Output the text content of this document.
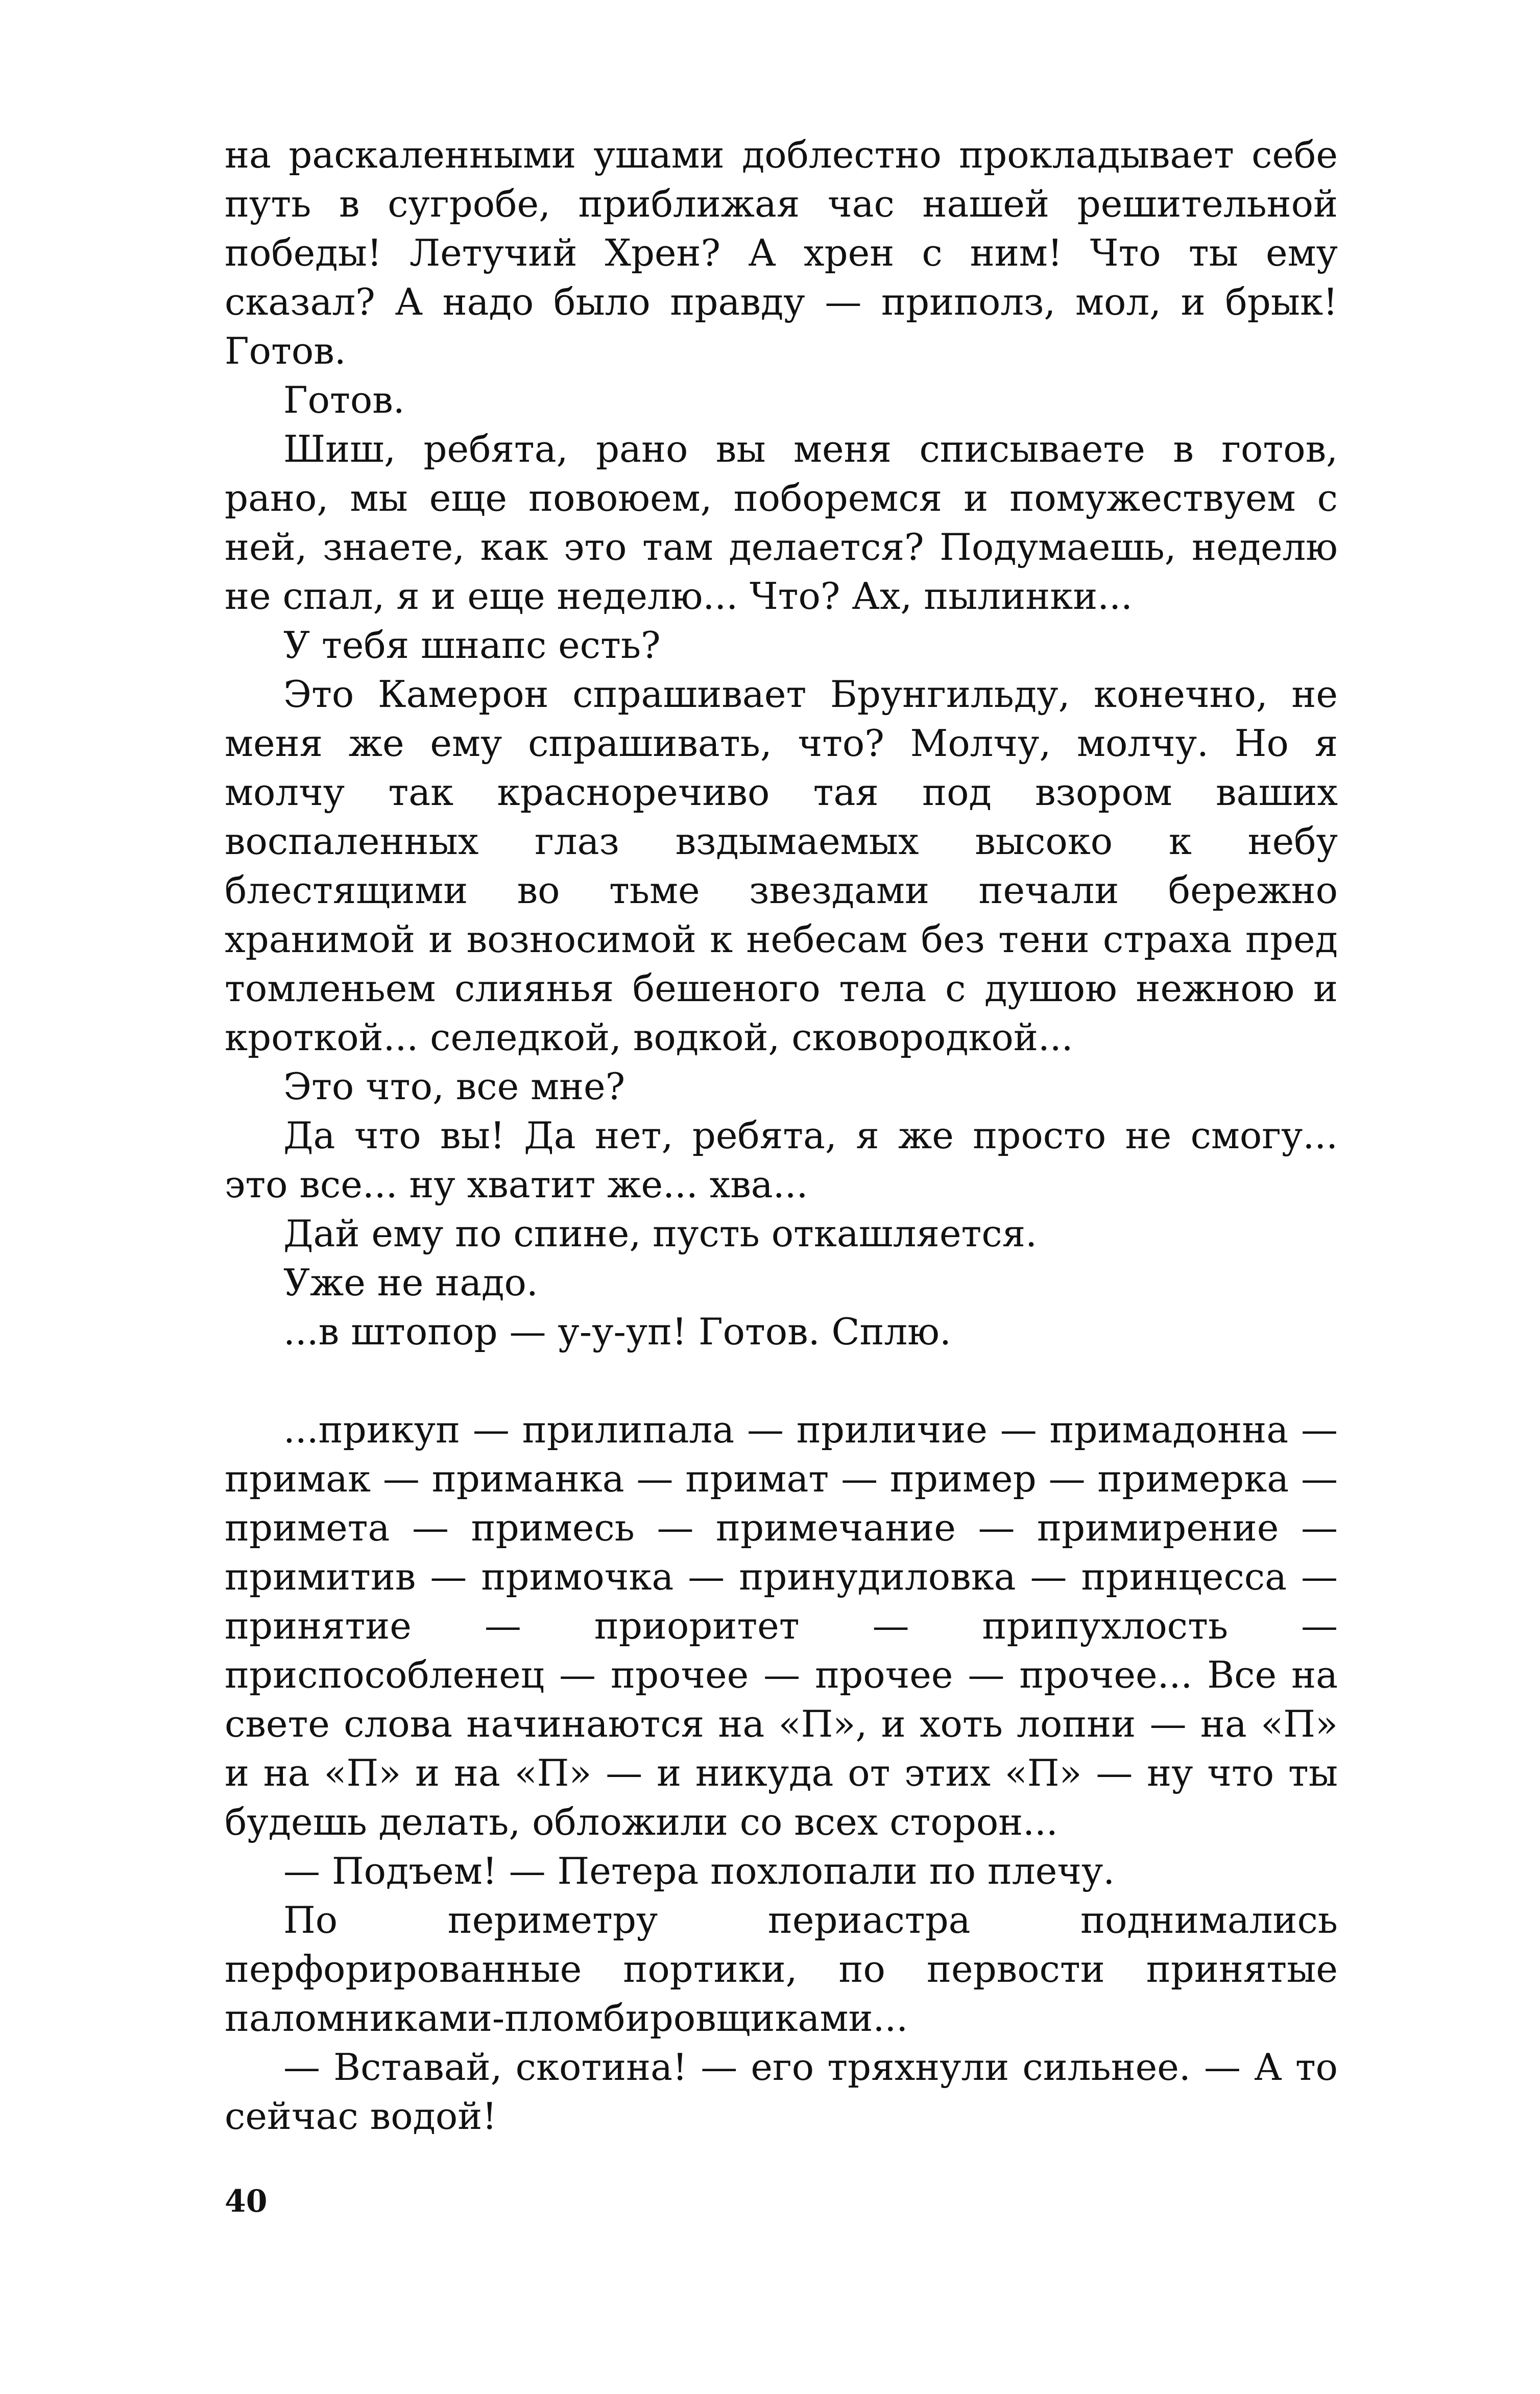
на раскаленными ушами доблестно прокладывает себе путь в сугробе, приближая час нашей решительной победы! Летучий Хрен? А хрен с ним! Что ты ему сказал? А надо было правду — приполз, мол, и брык! Готов.

Готов.

Шиш, ребята, рано вы меня списываете в готов, рано, мы еще повоюем, поборемся и помужествуем с ней, знаете, как это там делается? Подумаешь, неделю не спал, я и еще неделю... Что? Ах, пылинки...

У тебя шнапс есть?

Это Камерон спрашивает Брунгильду, конечно, не меня же ему спрашивать, что? Молчу, молчу. Но я молчу так красноречиво тая под взором ваших воспаленных глаз вздымаемых высоко к небу блестящими во тьме звездами печали бережно хранимой и возносимой к небесам без тени страха пред томленьем слиянья бешеного тела с душою нежною и кроткой... селедкой, водкой, сковородкой...

Это что, все мне?

Да что вы! Да нет, ребята, я же просто не смогу... это все... ну хватит же... хва...

Дай ему по спине, пусть откашляется.

Уже не надо.

...в штопор — у-у-уп! Готов. Сплю.

...прикуп — прилипала — приличие — примадонна — примак — приманка — примат — пример — примерка — примета — примесь — примечание — примирение — примитив — примочка — принудиловка — принцесса — принятие — приоритет — припухлость — приспособленец — прочее — прочее — прочее... Все на свете слова начинаются на «П», и хоть лопни — на «П» и на «П» и на «П» — и никуда от этих «П» — ну что ты будешь делать, обложили со всех сторон...

— Подъем! — Петера похлопали по плечу.

По периметру периастра поднимались перфорированные портики, по первости принятые паломниками-пломбировщиками...

— Вставай, скотина! — его тряхнули сильнее. — А то сейчас водой!

40
